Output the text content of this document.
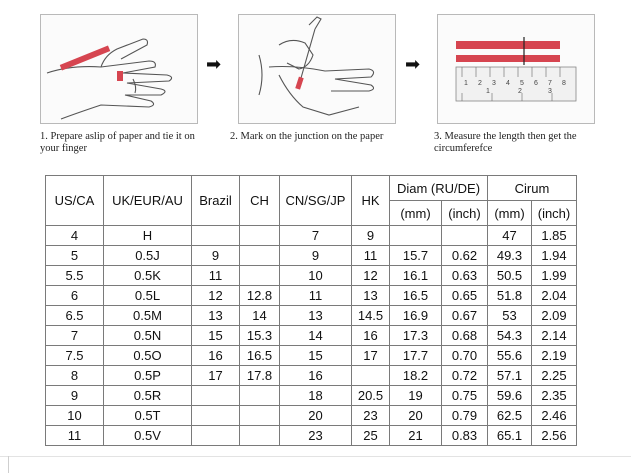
➡	➡
1 2 3 4 5 6 7 8
1	2	3
1. Prepare aslip of paper and tie it on your finger
2. Mark on the junction on the paper	3. Measure the length then get the circumferefce
US/CA	UK/EUR/AU	Brazil	CH	CN/SG/JP	HK	Diam (RU/DE)		Cirum	
						(mm)	(inch)	(mm)	(inch)
4	H			7	9			47	1.85
5	0.5J	9		9	11	15.7	0.62	49.3	1.94
5.5	0.5K	11		10	12	16.1	0.63	50.5	1.99
6	0.5L	12	12.8	11	13	16.5	0.65	51.8	2.04
6.5	0.5M	13	14	13	14.5	16.9	0.67	53	2.09
7	0.5N	15	15.3	14	16	17.3	0.68	54.3	2.14
7.5	0.5O	16	16.5	15	17	17.7	0.70	55.6	2.19
8	0.5P	17	17.8	16		18.2	0.72	57.1	2.25
9	0.5R			18	20.5	19	0.75	59.6	2.35
10	0.5T			20	23	20	0.79	62.5	2.46
11	0.5V			23	25	21	0.83	65.1	2.56
